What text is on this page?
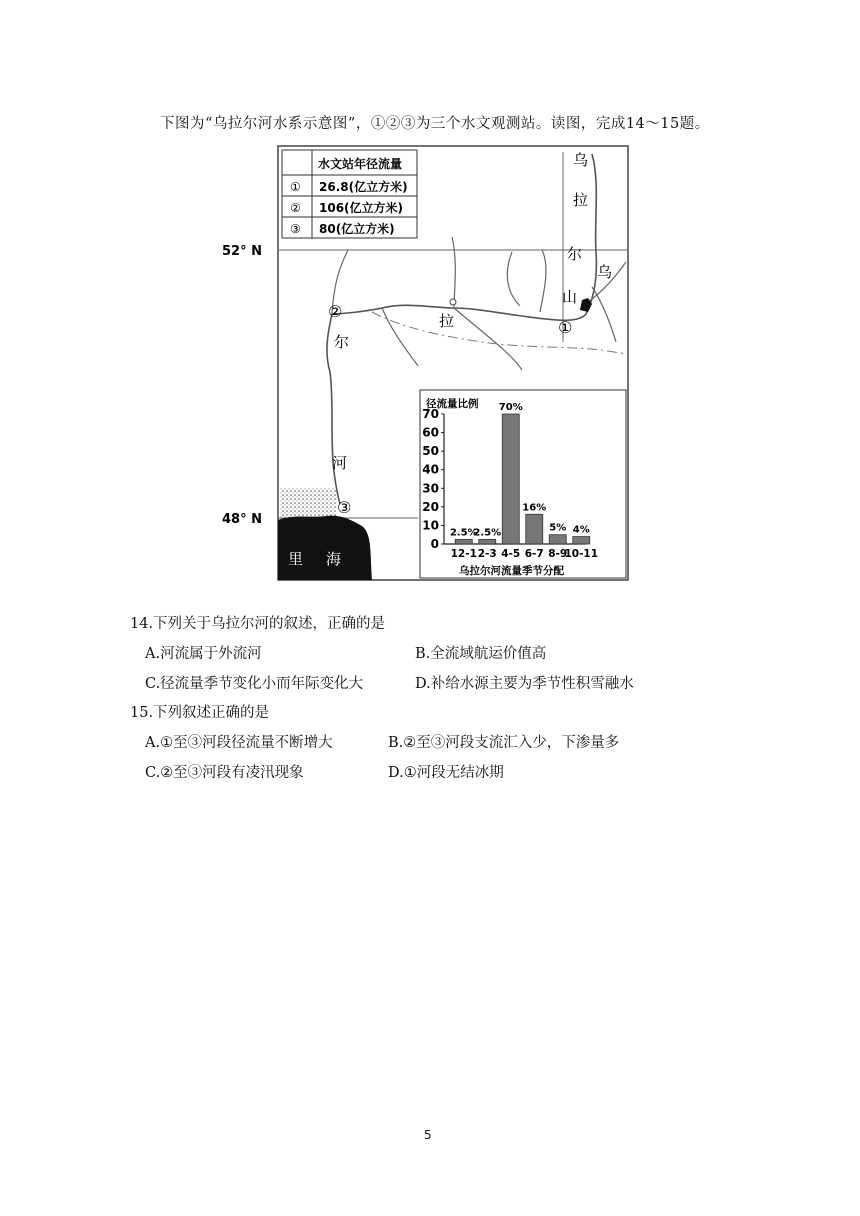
下图为“乌拉尔河水系示意图”，①②③为三个水文观测站。读图，完成14～15题。
52° N
48° N
水文站年径流量
① 26.8(亿立方米)
② 106(亿立方米)
③ 80(亿立方米)
乌
拉
尔
山
乌
拉
尔
河
①
②
③
里 海
径流量比例
0
10
20
30
40
50
60
70
2.5%
12-1
2.5%
2-3
70%
4-5
16%
6-7
5%
8-9
4%
10-11
乌拉尔河流量季节分配
14.下列关于乌拉尔河的叙述，正确的是
A.河流属于外流河	B.全流域航运价值高
C.径流量季节变化小而年际变化大	D.补给水源主要为季节性积雪融水
15.下列叙述正确的是
A.①至③河段径流量不断增大	B.②至③河段支流汇入少，下渗量多
C.②至③河段有凌汛现象	D.①河段无结冰期
5
